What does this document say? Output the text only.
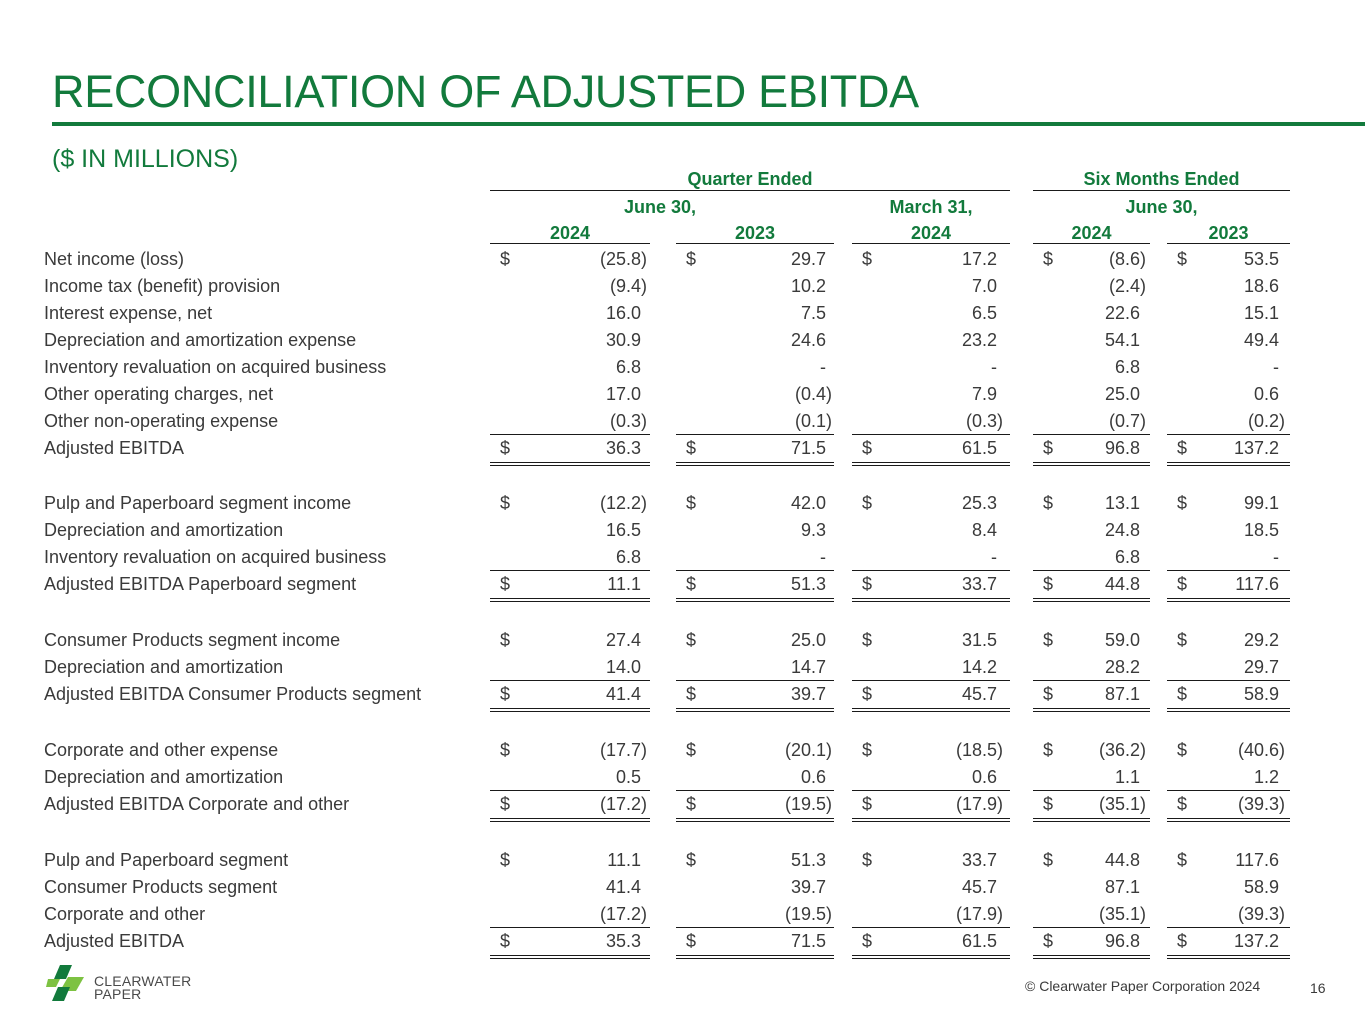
RECONCILIATION OF ADJUSTED EBITDA
($ IN MILLIONS)
Quarter Ended	Six Months Ended
June 30,	March 31,	June 30,
2024	2023	2024	2024	2023
Net income (loss)	$	(25.8) $	29.7 $	17.2	$	(8.6) $	53.5
Income tax (benefit) provision	(9.4)	10.2	7.0	(2.4)	18.6
Interest expense, net	16.0	7.5	6.5	22.6	15.1
Depreciation and amortization expense	30.9	24.6	23.2	54.1	49.4
Inventory revaluation on acquired business	6.8	-	-	6.8	-
Other operating charges, net	17.0	(0.4)	7.9	25.0	0.6
Other non-operating expense	(0.3)	(0.1)	(0.3)	(0.7)	(0.2)
Adjusted EBITDA	$	36.3	$	71.5 $	61.5	$	96.8 $	137.2
Pulp and Paperboard segment income	$	(12.2) $	42.0 $	25.3	$	13.1 $	99.1
Depreciation and amortization	16.5	9.3	8.4	24.8	18.5
Inventory revaluation on acquired business	6.8	-	-	6.8	-
Adjusted EBITDA Paperboard segment	$	11.1	$	51.3 $	33.7	$	44.8 $	117.6
Consumer Products segment income	$	27.4	$	25.0 $	31.5	$	59.0 $	29.2
Depreciation and amortization	14.0	14.7	14.2	28.2	29.7
Adjusted EBITDA Consumer Products segment	$	41.4	$	39.7 $	45.7	$	87.1 $	58.9
Corporate and other expense	$	(17.7) $	(20.1) $	(18.5) $	(36.2) $	(40.6)
Depreciation and amortization	0.5	0.6	0.6	1.1	1.2
Adjusted EBITDA Corporate and other	$	(17.2) $	(19.5) $	(17.9) $	(35.1) $	(39.3)
Pulp and Paperboard segment	$	11.1	$	51.3 $	33.7	$	44.8 $	117.6
Consumer Products segment	41.4	39.7	45.7	87.1	58.9
Corporate and other	(17.2)	(19.5)	(17.9)	(35.1)	(39.3)
Adjusted EBITDA	$	35.3	$	71.5 $	61.5	$	96.8 $	137.2
CLEARWATER
PAPER	© Clearwater Paper Corporation 2024	16
